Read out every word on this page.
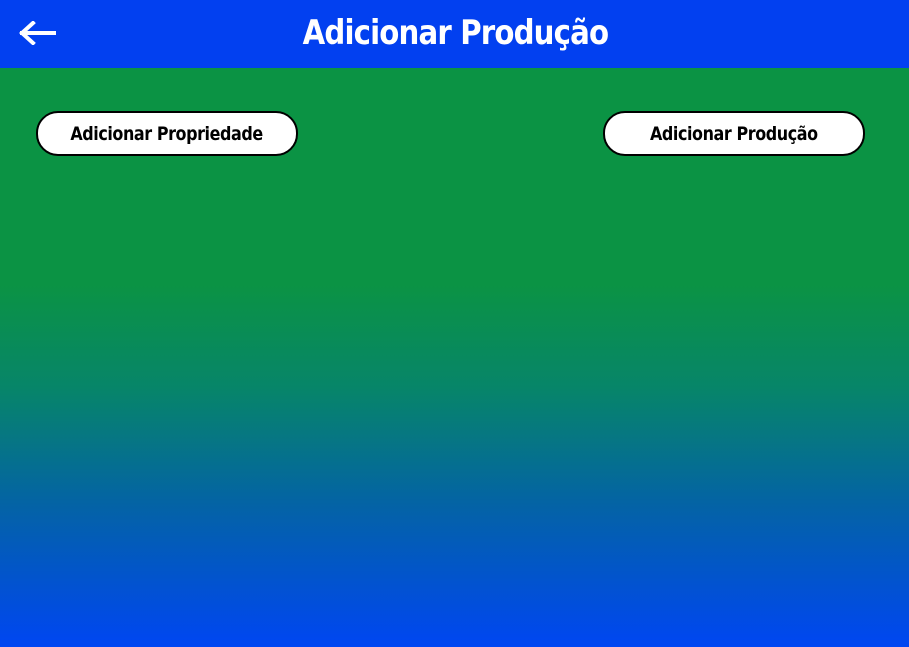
Adicionar Produção
Adicionar Propriedade	Adicionar Produção
